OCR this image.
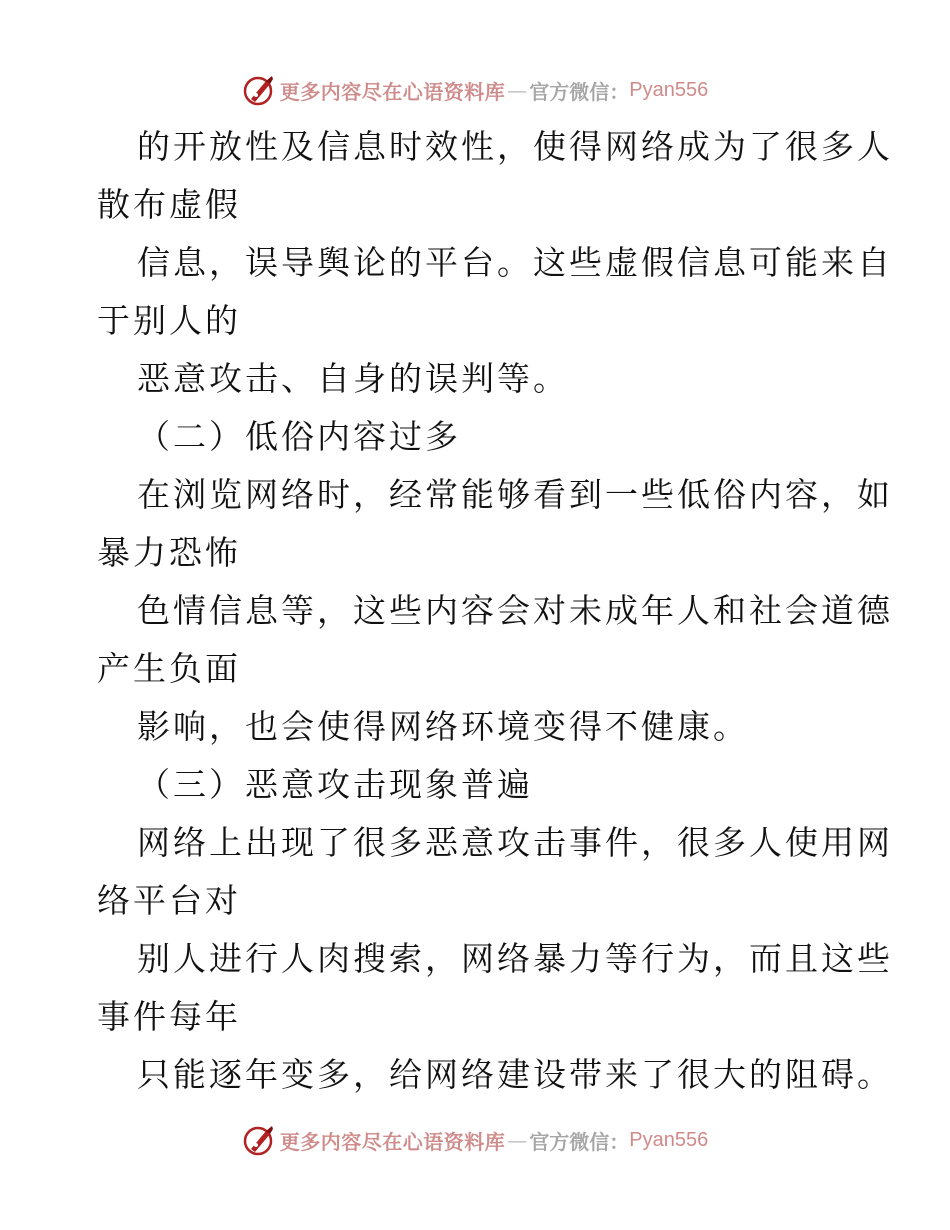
更多内容尽在心语资料库 — 官方微信： Pyan556
的开放性及信息时效性，使得网络成为了很多人
散布虚假
信息，误导舆论的平台。这些虚假信息可能来自
于别人的
恶意攻击、自身的误判等。
（二）低俗内容过多
在浏览网络时，经常能够看到一些低俗内容，如
暴力恐怖
色情信息等，这些内容会对未成年人和社会道德
产生负面
影响，也会使得网络环境变得不健康。
（三）恶意攻击现象普遍
网络上出现了很多恶意攻击事件，很多人使用网
络平台对
别人进行人肉搜索，网络暴力等行为，而且这些
事件每年
只能逐年变多，给网络建设带来了很大的阻碍。
更多内容尽在心语资料库 — 官方微信： Pyan556
